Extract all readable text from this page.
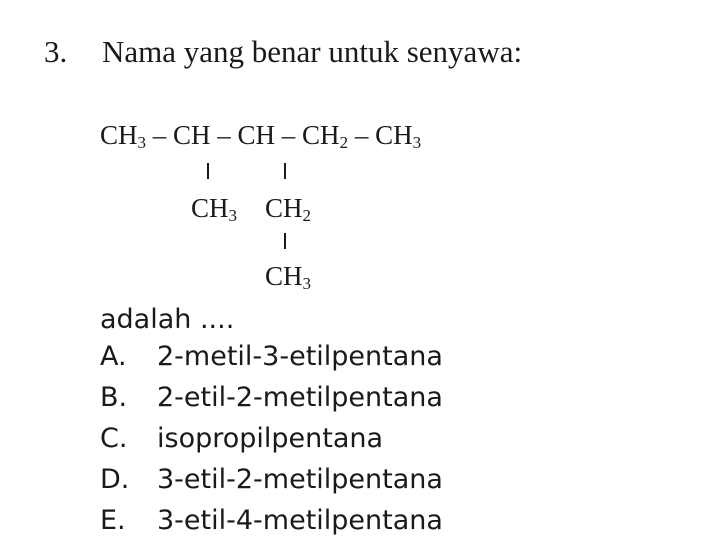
3. Nama yang benar untuk senyawa:
$CH_3$ – CH – CH – $CH_2 - CH_3$
$CH_3$ $CH_2$
$CH_3$
adalah ....
A. 2-metil-3-etilpentana
B. 2-etil-2-metilpentana
C. isopropilpentana
D. 3-etil-2-metilpentana
E. 3-etil-4-metilpentana
